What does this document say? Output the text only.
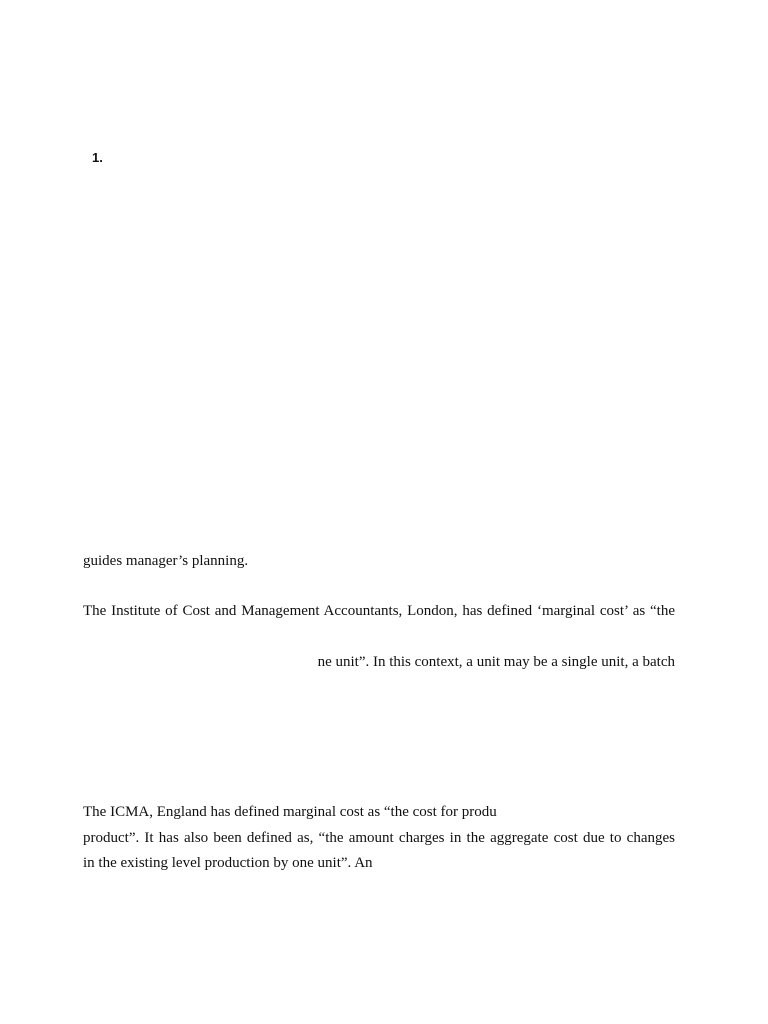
1.
guides manager’s planning.
The Institute of Cost and Management Accountants, London, has defined ‘marginal cost’ as “the
ne unit”. In this context, a unit may be a single unit, a batch
The ICMA, England has defined marginal cost as “the cost for produ
product”. It has also been defined as, “the amount charges in the aggregate cost due to changes
in the existing level production by one unit”. An
